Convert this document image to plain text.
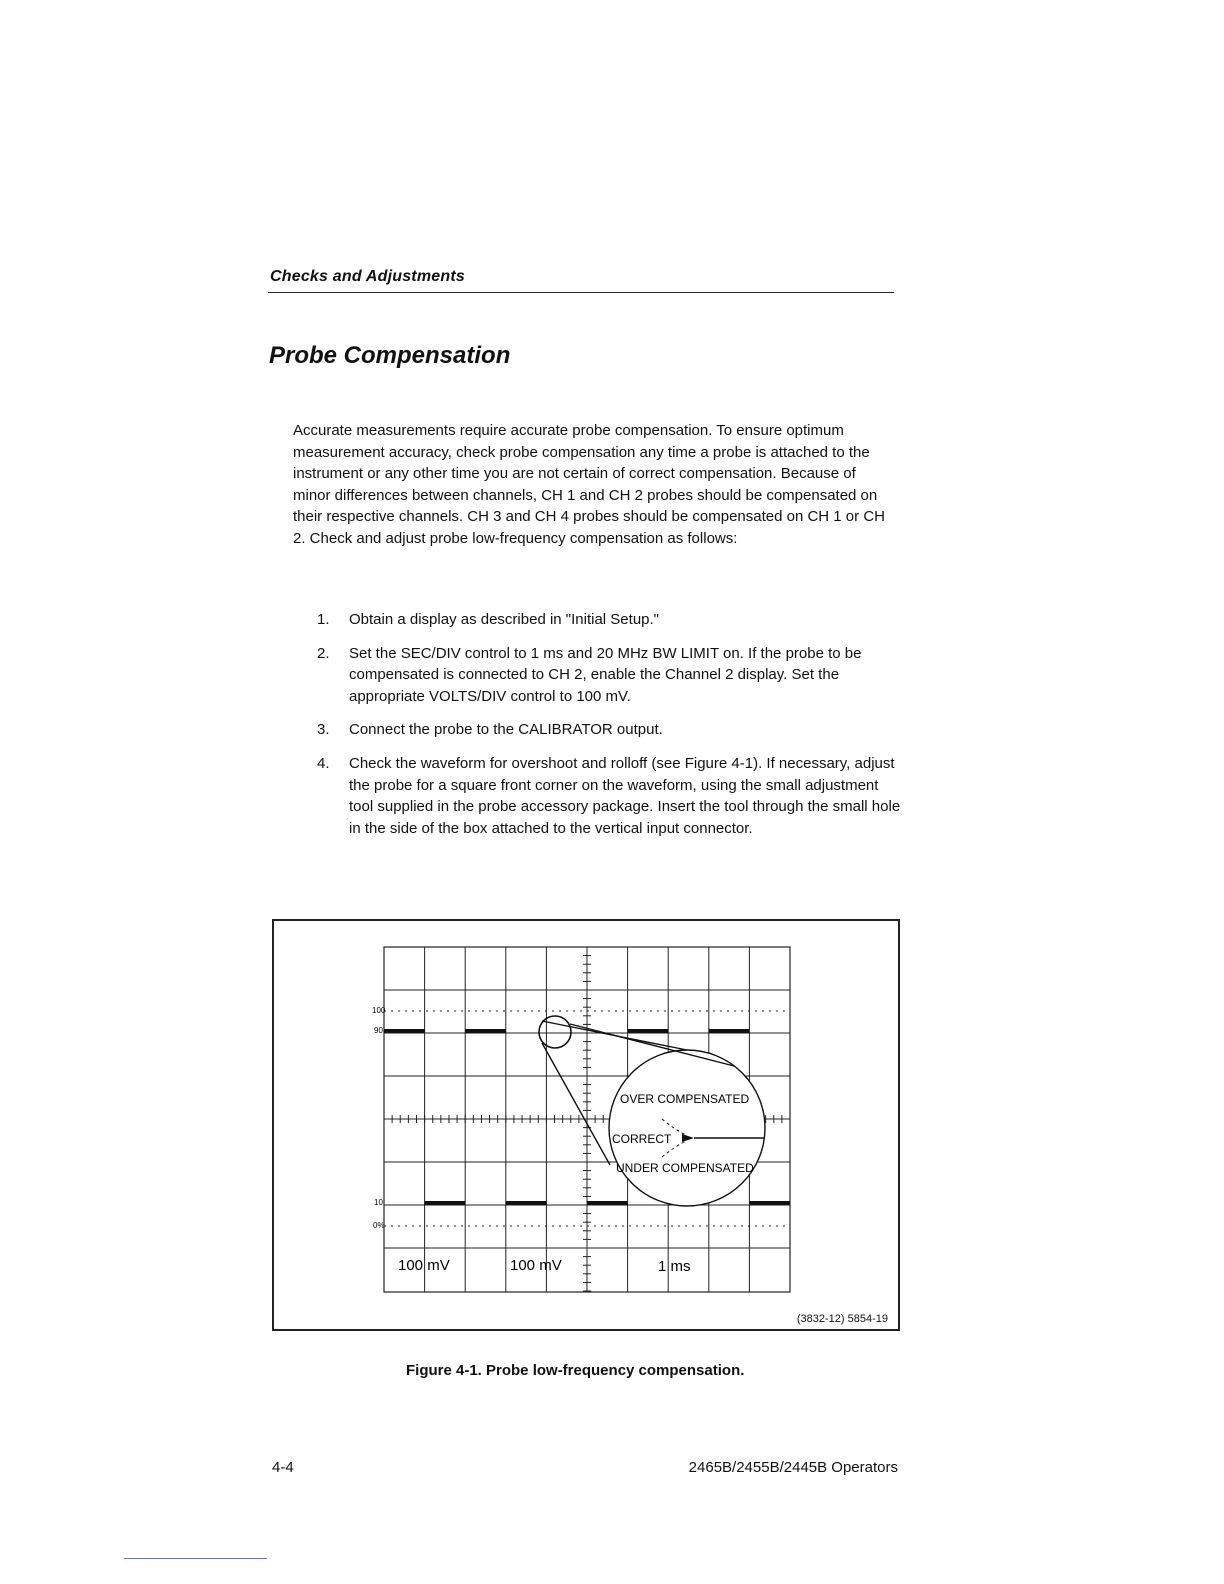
Checks and Adjustments
Probe Compensation

Accurate measurements require accurate probe compensation. To ensure optimum measurement accuracy, check probe compensation any time a probe is attached to the instrument or any other time you are not certain of correct compensation. Because of minor differences between channels, CH 1 and CH 2 probes should be compensated on their respective channels. CH 3 and CH 4 probes should be compensated on CH 1 or CH 2. Check and adjust probe low-frequency compensation as follows:

1. Obtain a display as described in "Initial Setup."
2. Set the SEC/DIV control to 1 ms and 20 MHz BW LIMIT on. If the probe to be compensated is connected to CH 2, enable the Channel 2 display. Set the appropriate VOLTS/DIV control to 100 mV.
3. Connect the probe to the CALIBRATOR output.
4. Check the waveform for overshoot and rolloff (see Figure 4-1). If necessary, adjust the probe for a square front corner on the waveform, using the small adjustment tool supplied in the probe accessory package. Insert the tool through the small hole in the side of the box attached to the vertical input connector.
OVER COMPENSATED
CORRECT
UNDER COMPENSATED
100
90
10
0%
100 mV	100 mV	1 ms
(3832-12) 5854-19
Figure 4-1. Probe low-frequency compensation.
4-4	2465B/2455B/2445B Operators
